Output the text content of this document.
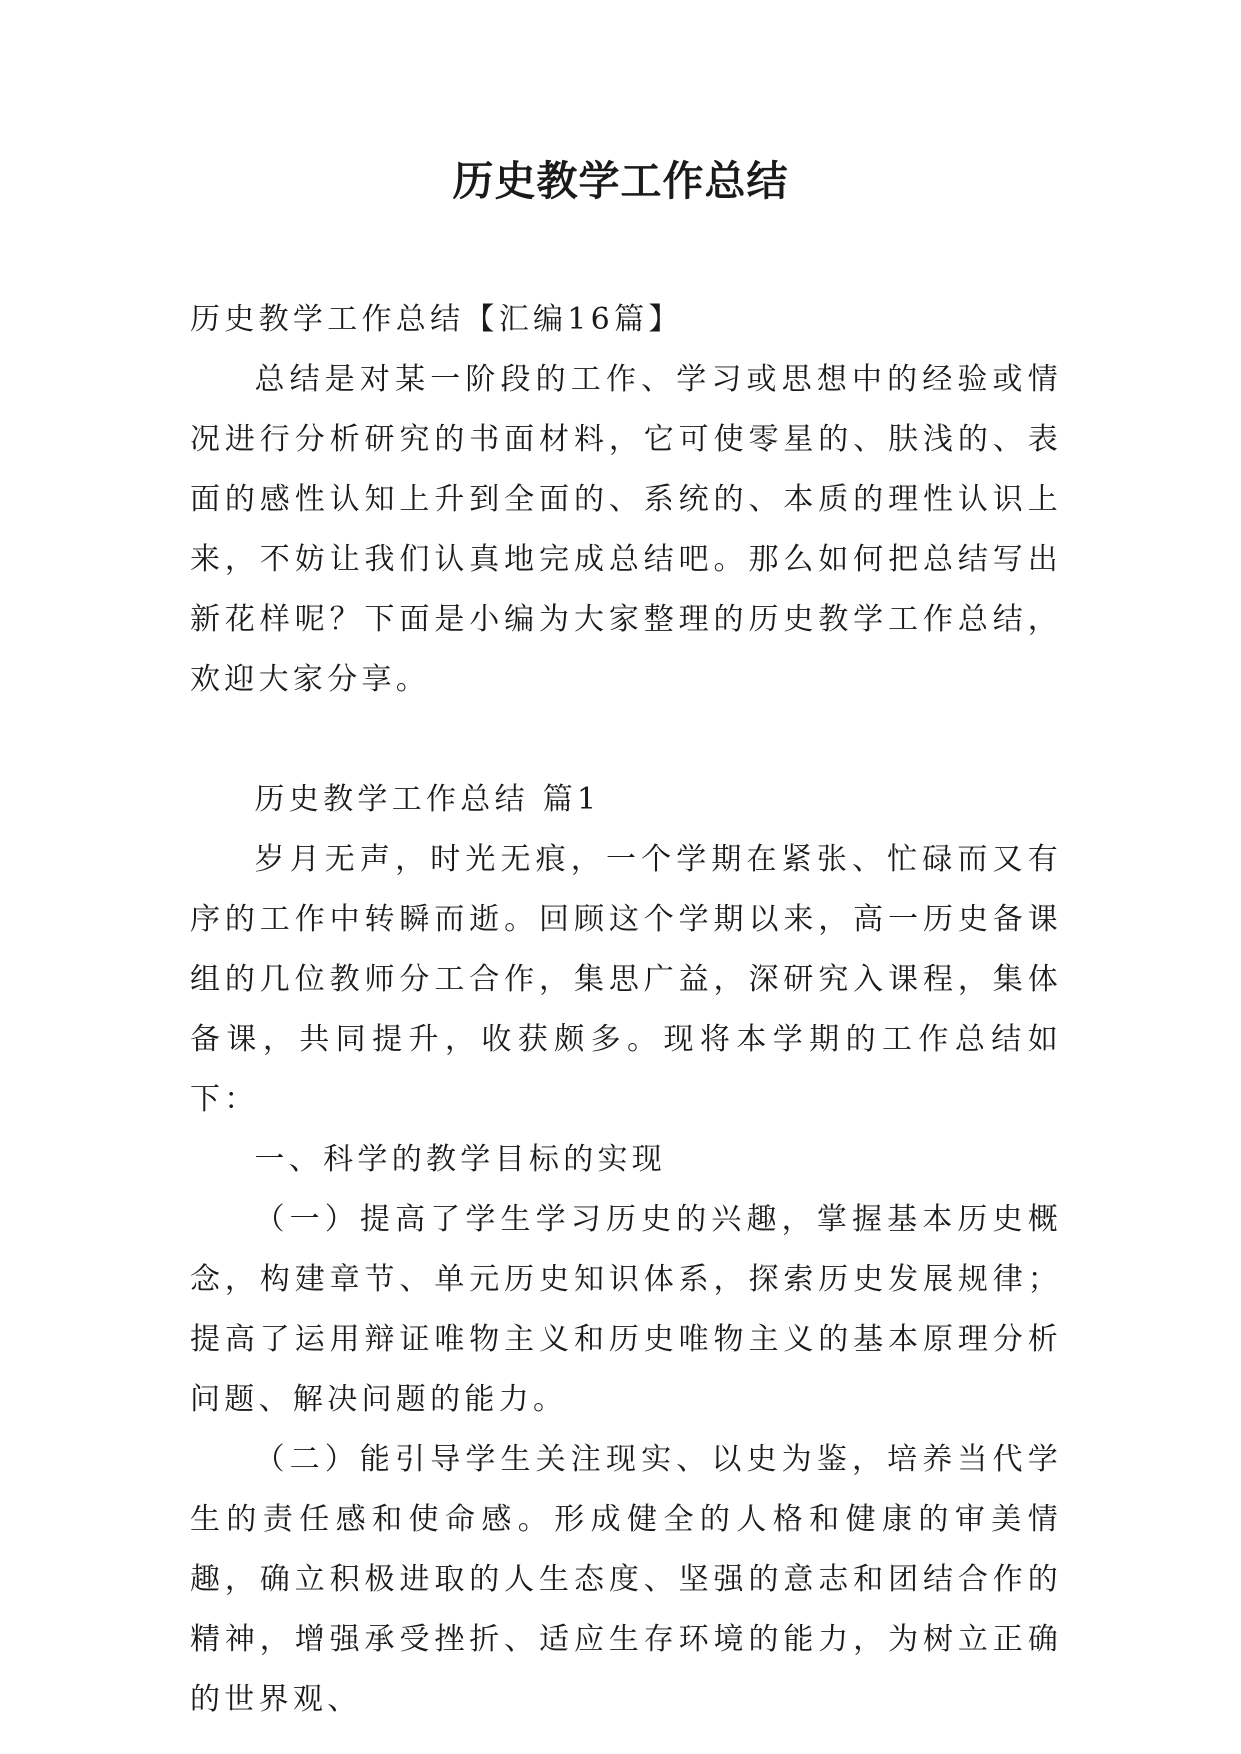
历史教学工作总结

历史教学工作总结【汇编16篇】

总结是对某一阶段的工作、学习或思想中的经验或情况进行分析研究的书面材料，它可使零星的、肤浅的、表面的感性认知上升到全面的、系统的、本质的理性认识上来，不妨让我们认真地完成总结吧。那么如何把总结写出新花样呢？下面是小编为大家整理的历史教学工作总结，欢迎大家分享。

历史教学工作总结 篇1

岁月无声，时光无痕，一个学期在紧张、忙碌而又有序的工作中转瞬而逝。回顾这个学期以来，高一历史备课组的几位教师分工合作，集思广益，深研究入课程，集体备课，共同提升，收获颇多。现将本学期的工作总结如下：

一、科学的教学目标的实现

（一）提高了学生学习历史的兴趣，掌握基本历史概念，构建章节、单元历史知识体系，探索历史发展规律；提高了运用辩证唯物主义和历史唯物主义的基本原理分析问题、解决问题的能力。

（二）能引导学生关注现实、以史为鉴，培养当代学生的责任感和使命感。形成健全的人格和健康的审美情趣，确立积极进取的人生态度、坚强的意志和团结合作的精神，增强承受挫折、适应生存环境的能力，为树立正确的世界观、
